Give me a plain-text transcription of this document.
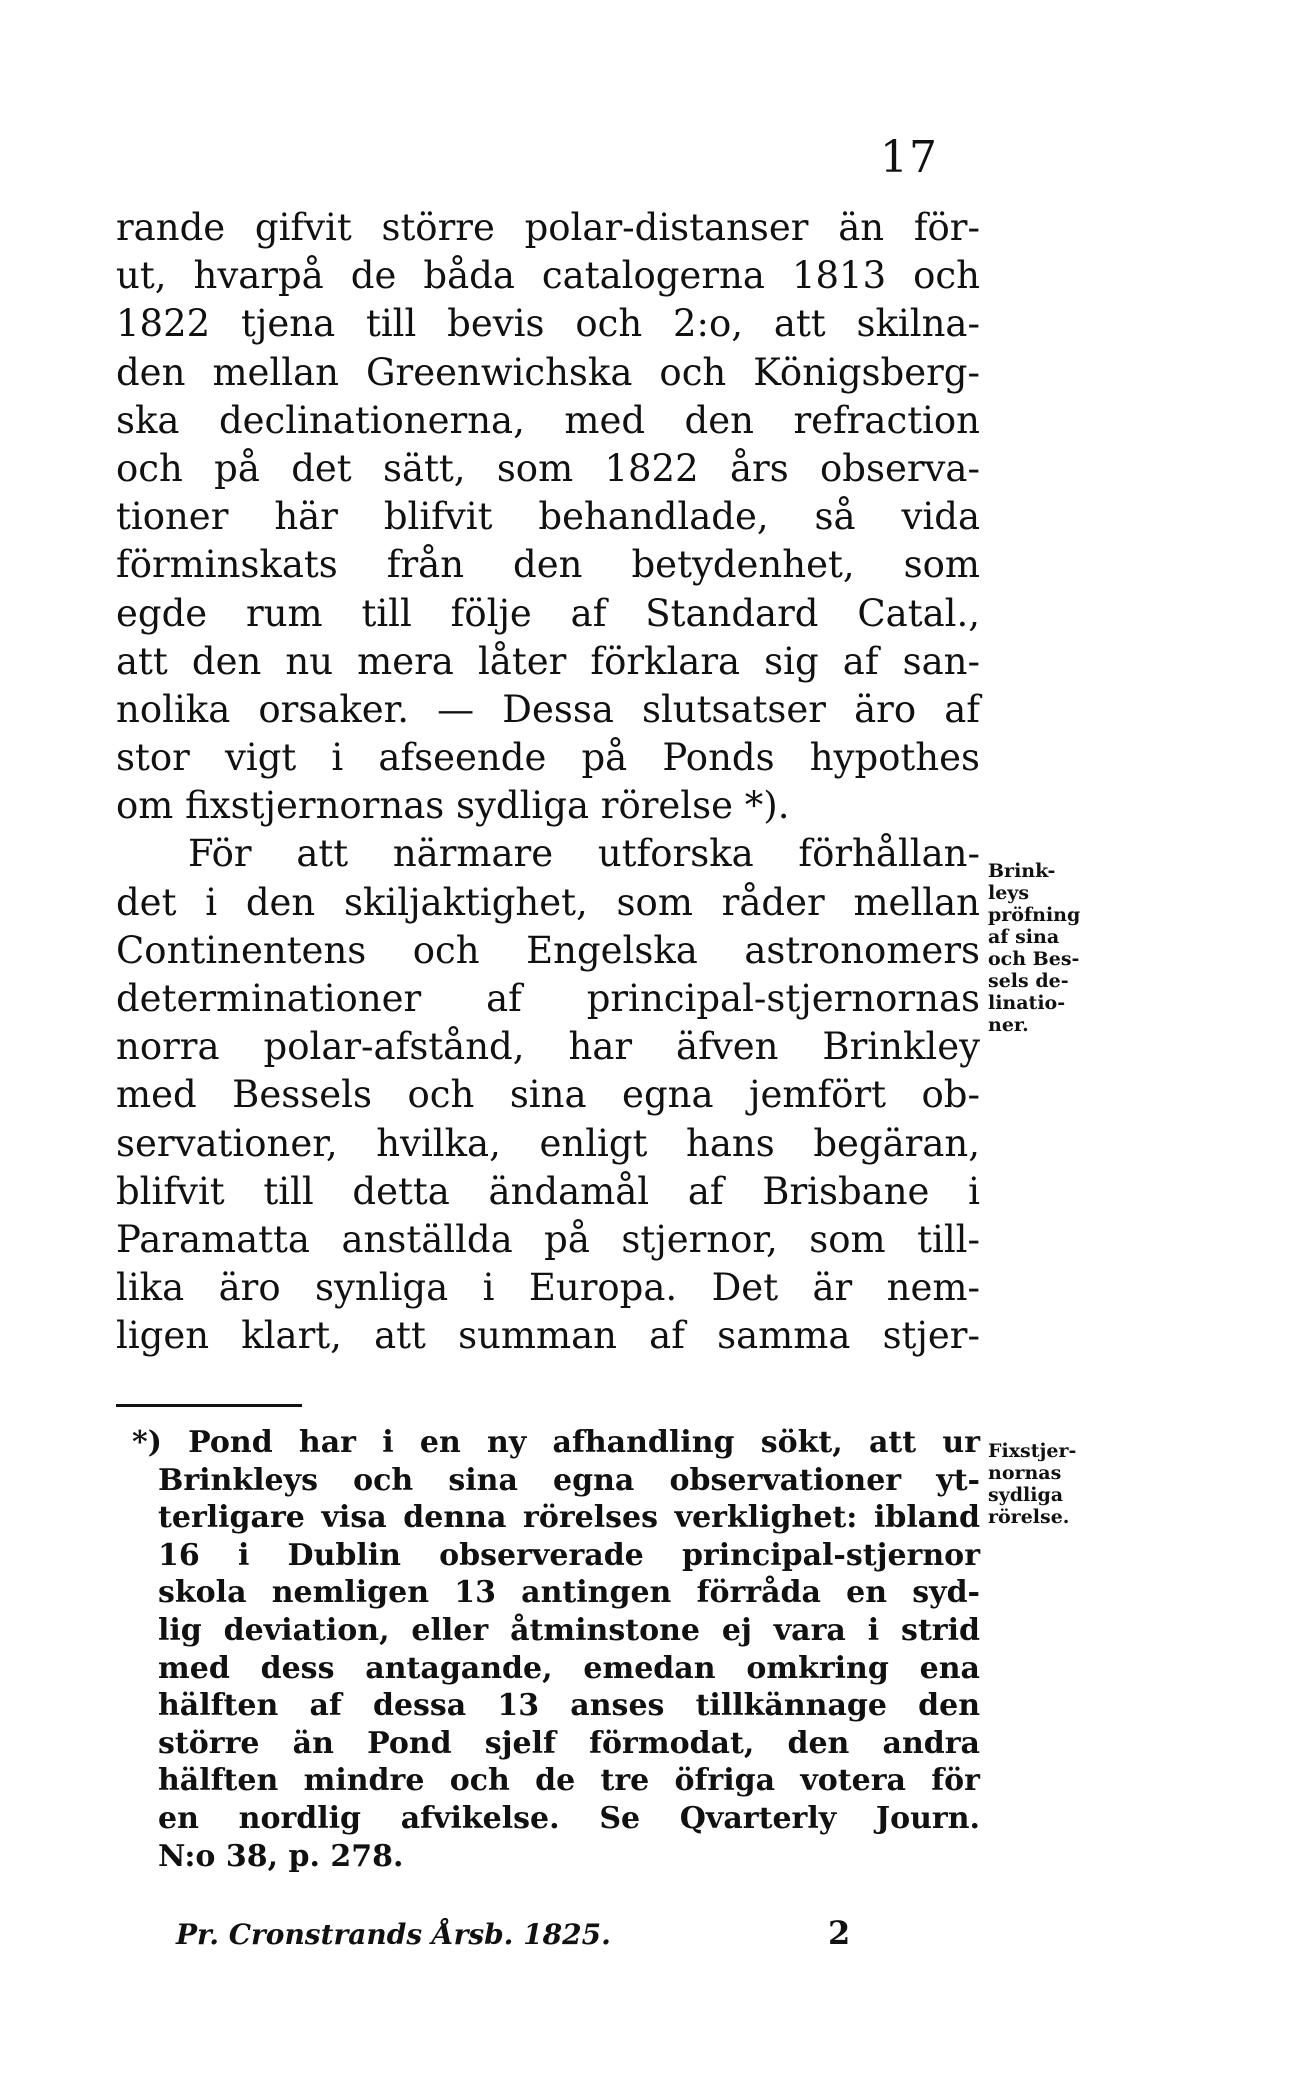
17
rande gifvit större polar-distanser än för-
ut, hvarpå de båda catalogerna 1813 och
1822 tjena till bevis och 2:o, att skilna-
den mellan Greenwichska och Königsberg-
ska declinationerna, med den refraction
och på det sätt, som 1822 års observa-
tioner här blifvit behandlade, så vida
förminskats från den betydenhet, som
egde rum till följe af Standard Catal.,
att den nu mera låter förklara sig af san-
nolika orsaker. — Dessa slutsatser äro af
stor vigt i afseende på Ponds hypothes
om fixstjernornas sydliga rörelse *).
För att närmare utforska förhållan-
det i den skiljaktighet, som råder mellan
Continentens och Engelska astronomers
determinationer af principal-stjernornas
norra polar-afstånd, har äfven Brinkley
med Bessels och sina egna jemfört ob-
servationer, hvilka, enligt hans begäran,
blifvit till detta ändamål af Brisbane i
Paramatta anställda på stjernor, som till-
lika äro synliga i Europa. Det är nem-
ligen klart, att summan af samma stjer-
Brink-
leys
pröfning
af sina
och Bes-
sels de-
linatio-
ner.
*) Pond har i en ny afhandling sökt, att ur
Brinkleys och sina egna observationer yt-
terligare visa denna rörelses verklighet: ibland
16 i Dublin observerade principal-stjernor
skola nemligen 13 antingen förråda en syd-
lig deviation, eller åtminstone ej vara i strid
med dess antagande, emedan omkring ena
hälften af dessa 13 anses tillkännage den
större än Pond sjelf förmodat, den andra
hälften mindre och de tre öfriga votera för
en nordlig afvikelse. Se Qvarterly Journ.
N:o 38, p. 278.
Fixstjer-
nornas
sydliga
rörelse.
Pr. Cronstrands Årsb. 1825.	2
